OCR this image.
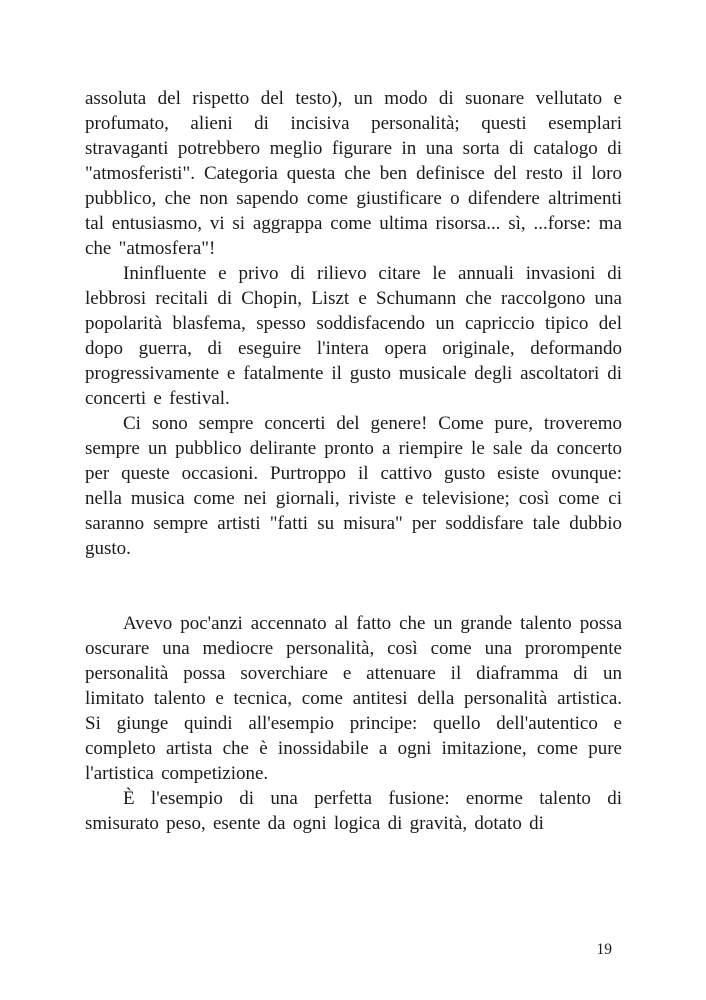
assoluta del rispetto del testo), un modo di suonare vellutato e profumato, alieni di incisiva personalità; questi esemplari stravaganti potrebbero meglio figurare in una sorta di catalogo di "atmosferisti". Categoria questa che ben definisce del resto il loro pubblico, che non sapendo come giustificare o difendere altrimenti tal entusiasmo, vi si aggrappa come ultima risorsa... sì, ...forse: ma che "atmosfera"!

Ininfluente e privo di rilievo citare le annuali invasioni di lebbrosi recitali di Chopin, Liszt e Schumann che raccolgono una popolarità blasfema, spesso soddisfacendo un capriccio tipico del dopo guerra, di eseguire l'intera opera originale, deformando progressivamente e fatalmente il gusto musicale degli ascoltatori di concerti e festival.

Ci sono sempre concerti del genere! Come pure, troveremo sempre un pubblico delirante pronto a riempire le sale da concerto per queste occasioni. Purtroppo il cattivo gusto esiste ovunque: nella musica come nei giornali, riviste e televisione; così come ci saranno sempre artisti "fatti su misura" per soddisfare tale dubbio gusto.

Avevo poc'anzi accennato al fatto che un grande talento possa oscurare una mediocre personalità, così come una prorompente personalità possa soverchiare e attenuare il diaframma di un limitato talento e tecnica, come antitesi della personalità artistica. Si giunge quindi all'esempio principe: quello dell'autentico e completo artista che è inossidabile a ogni imitazione, come pure l'artistica competizione.

È l'esempio di una perfetta fusione: enorme talento di smisurato peso, esente da ogni logica di gravità, dotato di

19
